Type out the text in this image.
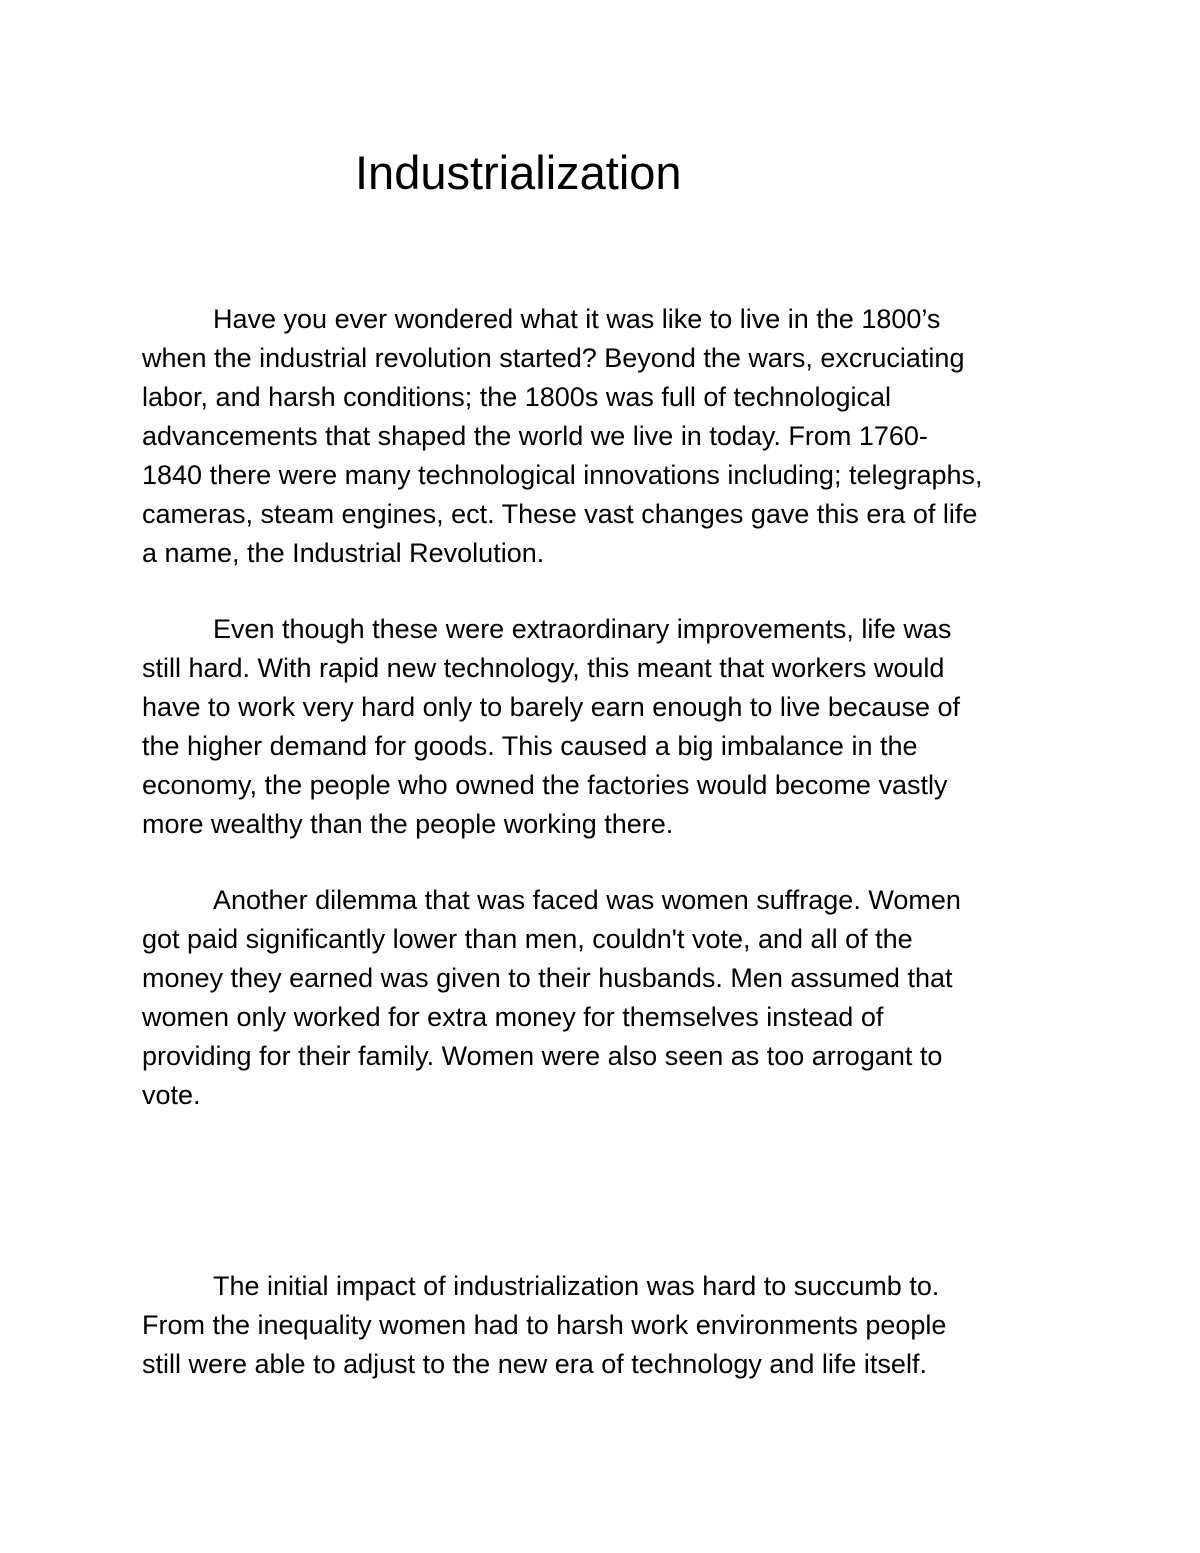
Industrialization
Have you ever wondered what it was like to live in the 1800’s
when the industrial revolution started? Beyond the wars, excruciating
labor, and harsh conditions; the 1800s was full of technological
advancements that shaped the world we live in today. From 1760-
1840 there were many technological innovations including; telegraphs,
cameras, steam engines, ect. These vast changes gave this era of life
a name, the Industrial Revolution.
Even though these were extraordinary improvements, life was
still hard. With rapid new technology, this meant that workers would
have to work very hard only to barely earn enough to live because of
the higher demand for goods. This caused a big imbalance in the
economy, the people who owned the factories would become vastly
more wealthy than the people working there.
Another dilemma that was faced was women suffrage. Women
got paid significantly lower than men, couldn't vote, and all of the
money they earned was given to their husbands. Men assumed that
women only worked for extra money for themselves instead of
providing for their family. Women were also seen as too arrogant to
vote.
The initial impact of industrialization was hard to succumb to.
From the inequality women had to harsh work environments people
still were able to adjust to the new era of technology and life itself.
